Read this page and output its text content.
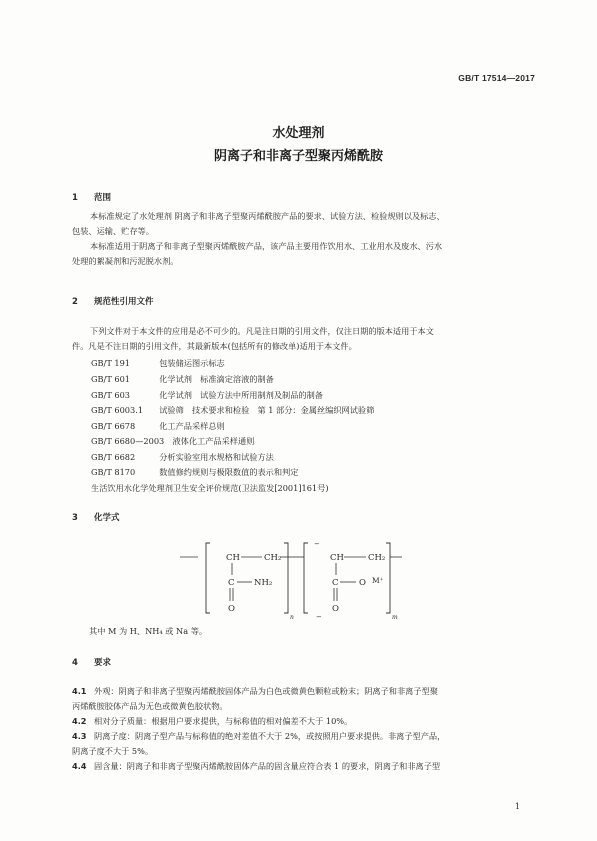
GB/T 17514—2017
水处理剂
阴离子和非离子型聚丙烯酰胺
1 范围
本标准规定了水处理剂 阴离子和非离子型聚丙烯酰胺产品的要求、试验方法、检验规则以及标志、
包装、运输、贮存等。
本标准适用于阴离子和非离子型聚丙烯酰胺产品，该产品主要用作饮用水、工业用水及废水、污水
处理的絮凝剂和污泥脱水剂。
2 规范性引用文件
下列文件对于本文件的应用是必不可少的。凡是注日期的引用文件，仅注日期的版本适用于本文
件。凡是不注日期的引用文件，其最新版本(包括所有的修改单)适用于本文件。
GB/T 191　	包装储运图示标志
GB/T 601　	化学试剂　标准滴定溶液的制备
GB/T 603　	化学试剂　试验方法中所用制剂及制品的制备
GB/T 6003.1　 试验筛　技术要求和检验　第 1 部分：金属丝编织网试验筛
GB/T 6678　	化工产品采样总则
GB/T 6680—2003　 液体化工产品采样通则
GB/T 6682　	分析实验室用水规格和试验方法
GB/T 8170　	数值修约规则与极限数值的表示和判定
生活饮用水化学处理剂卫生安全评价规范(卫法监发[2001]161号)
3 化学式
CH	CH₂
C NH₂
O
n
−
−
CH	CH₂
C O M⁺
O
m
其中 M 为 H、NH₄ 或 Na 等。
4 要求
4.1 外观：阴离子和非离子型聚丙烯酰胺固体产品为白色或微黄色颗粒或粉末；阴离子和非离子型聚
丙烯酰胺胶体产品为无色或微黄色胶状物。
4.2 相对分子质量：根据用户要求提供，与标称值的相对偏差不大于 10%。
4.3 阴离子度：阴离子型产品与标称值的绝对差值不大于 2%，或按照用户要求提供。非离子型产品，
阴离子度不大于 5%。
4.4 固含量：阴离子和非离子型聚丙烯酰胺固体产品的固含量应符合表 1 的要求，阴离子和非离子型
1
